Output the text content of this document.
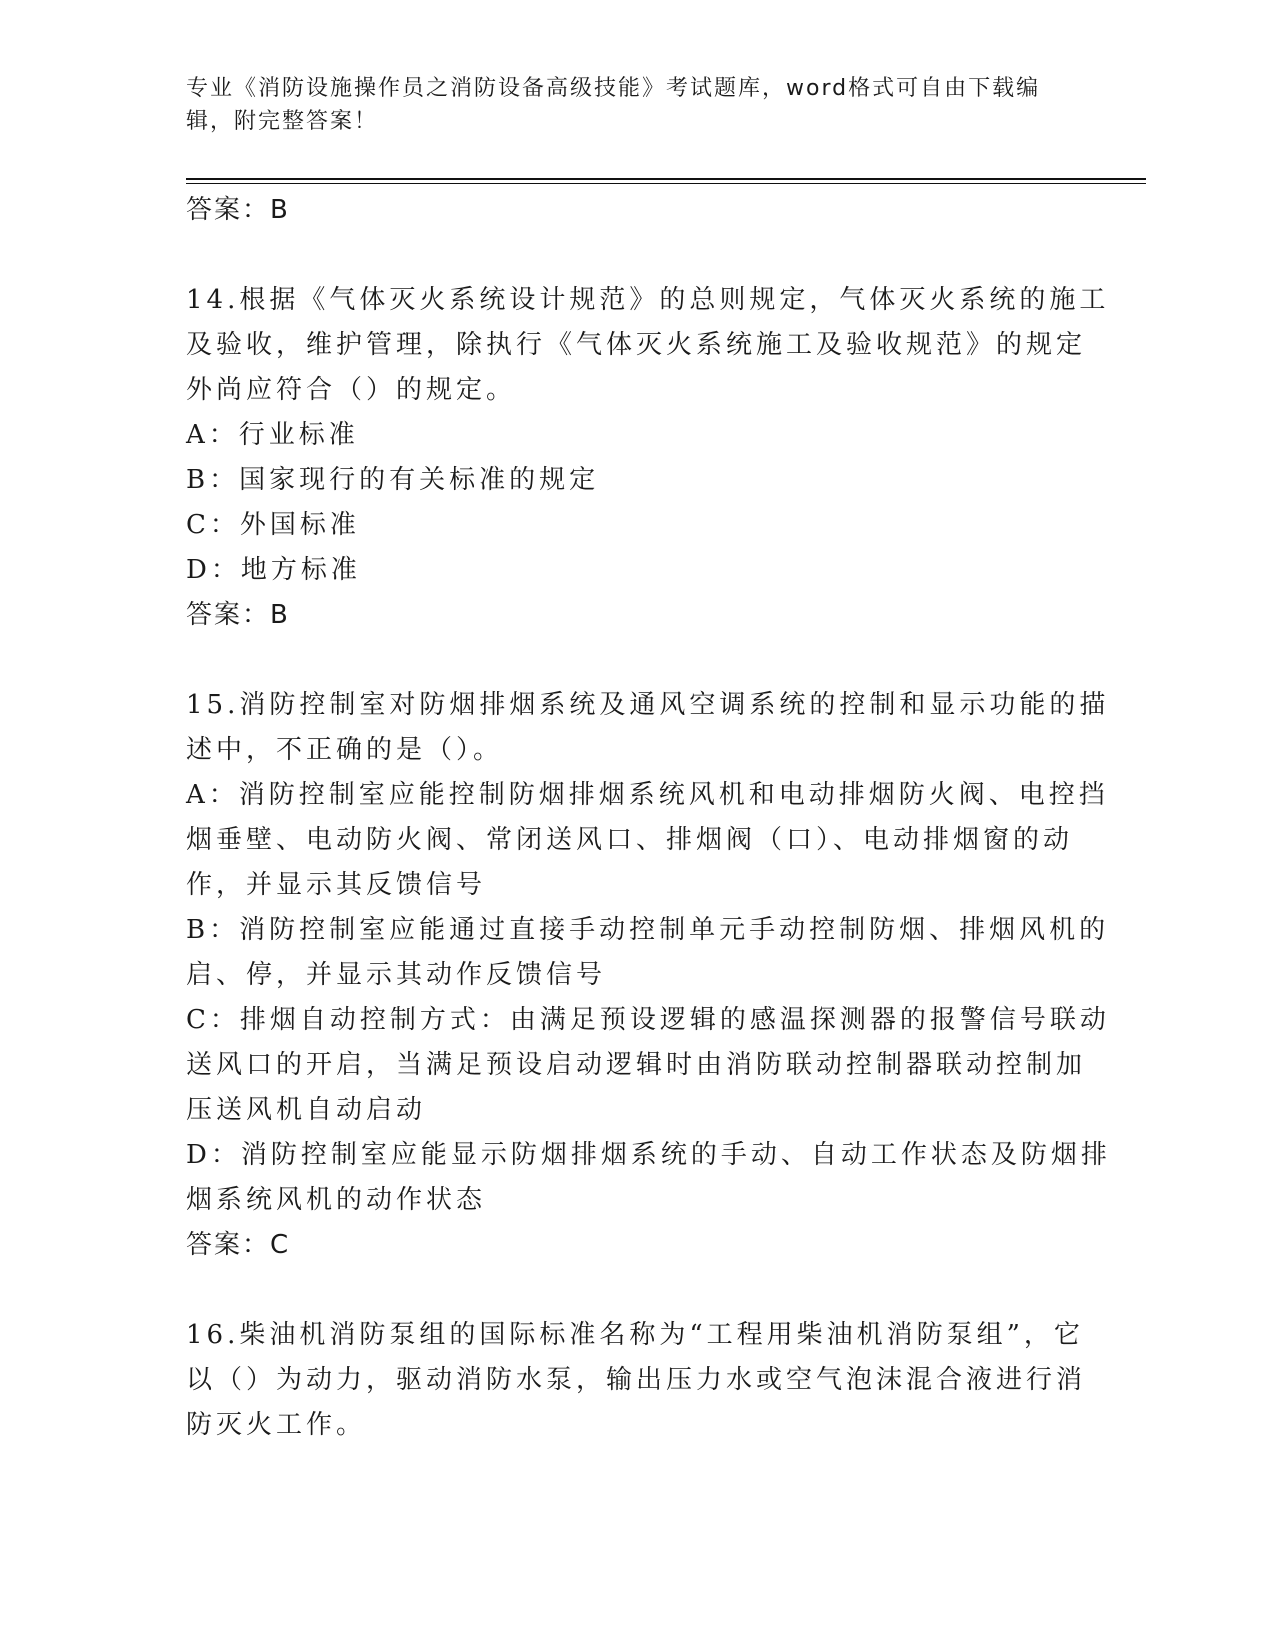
专业《消防设施操作员之消防设备高级技能》考试题库，word格式可自由下载编
辑，附完整答案！
答案：B
14.根据《气体灭火系统设计规范》的总则规定，气体灭火系统的施工
及验收，维护管理，除执行《气体灭火系统施工及验收规范》的规定
外尚应符合（）的规定。
A：行业标准
B：国家现行的有关标准的规定
C：外国标准
D：地方标准
答案：B
15.消防控制室对防烟排烟系统及通风空调系统的控制和显示功能的描
述中，不正确的是（）。
A：消防控制室应能控制防烟排烟系统风机和电动排烟防火阀、电控挡
烟垂壁、电动防火阀、常闭送风口、排烟阀（口）、电动排烟窗的动
作，并显示其反馈信号
B：消防控制室应能通过直接手动控制单元手动控制防烟、排烟风机的
启、停，并显示其动作反馈信号
C：排烟自动控制方式：由满足预设逻辑的感温探测器的报警信号联动
送风口的开启，当满足预设启动逻辑时由消防联动控制器联动控制加
压送风机自动启动
D：消防控制室应能显示防烟排烟系统的手动、自动工作状态及防烟排
烟系统风机的动作状态
答案：C
16.柴油机消防泵组的国际标准名称为“工程用柴油机消防泵组”，它
以（）为动力，驱动消防水泵，输出压力水或空气泡沫混合液进行消
防灭火工作。
